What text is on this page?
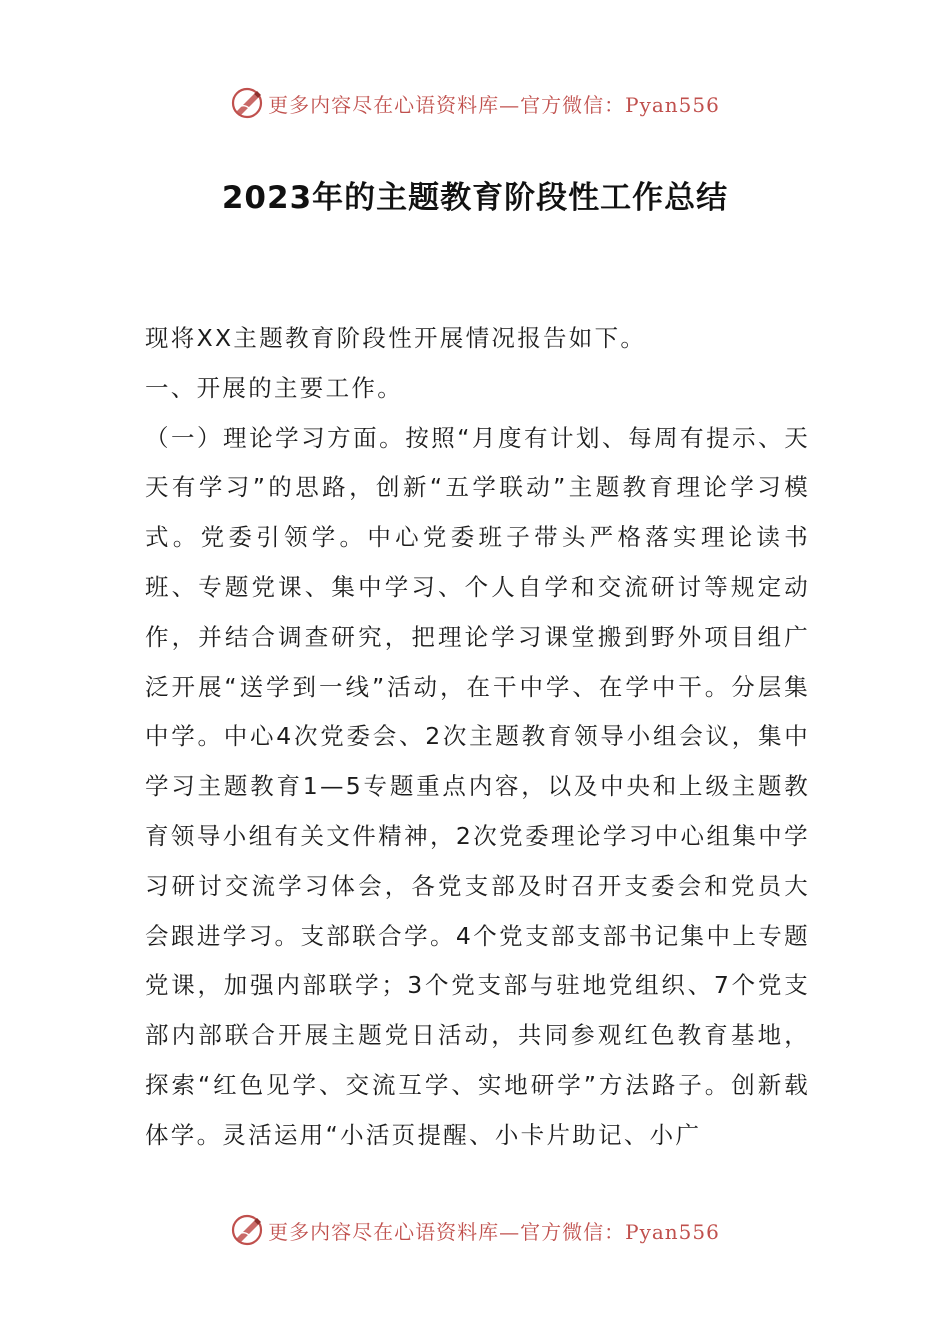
更多内容尽在心语资料库—官方微信：Pyan556
2023年的主题教育阶段性工作总结

现将XX主题教育阶段性开展情况报告如下。

一、开展的主要工作。

（一）理论学习方面。按照“月度有计划、每周有提示、天天有学习”的思路，创新“五学联动”主题教育理论学习模式。党委引领学。中心党委班子带头严格落实理论读书班、专题党课、集中学习、个人自学和交流研讨等规定动作，并结合调查研究，把理论学习课堂搬到野外项目组广泛开展“送学到一线”活动，在干中学、在学中干。分层集中学。中心4次党委会、2次主题教育领导小组会议，集中学习主题教育1—5专题重点内容，以及中央和上级主题教育领导小组有关文件精神，2次党委理论学习中心组集中学习研讨交流学习体会，各党支部及时召开支委会和党员大会跟进学习。支部联合学。4个党支部支部书记集中上专题党课，加强内部联学；3个党支部与驻地党组织、7个党支部内部联合开展主题党日活动，共同参观红色教育基地，探索“红色见学、交流互学、实地研学”方法路子。创新载体学。灵活运用“小活页提醒、小卡片助记、小广

更多内容尽在心语资料库—官方微信：Pyan556
